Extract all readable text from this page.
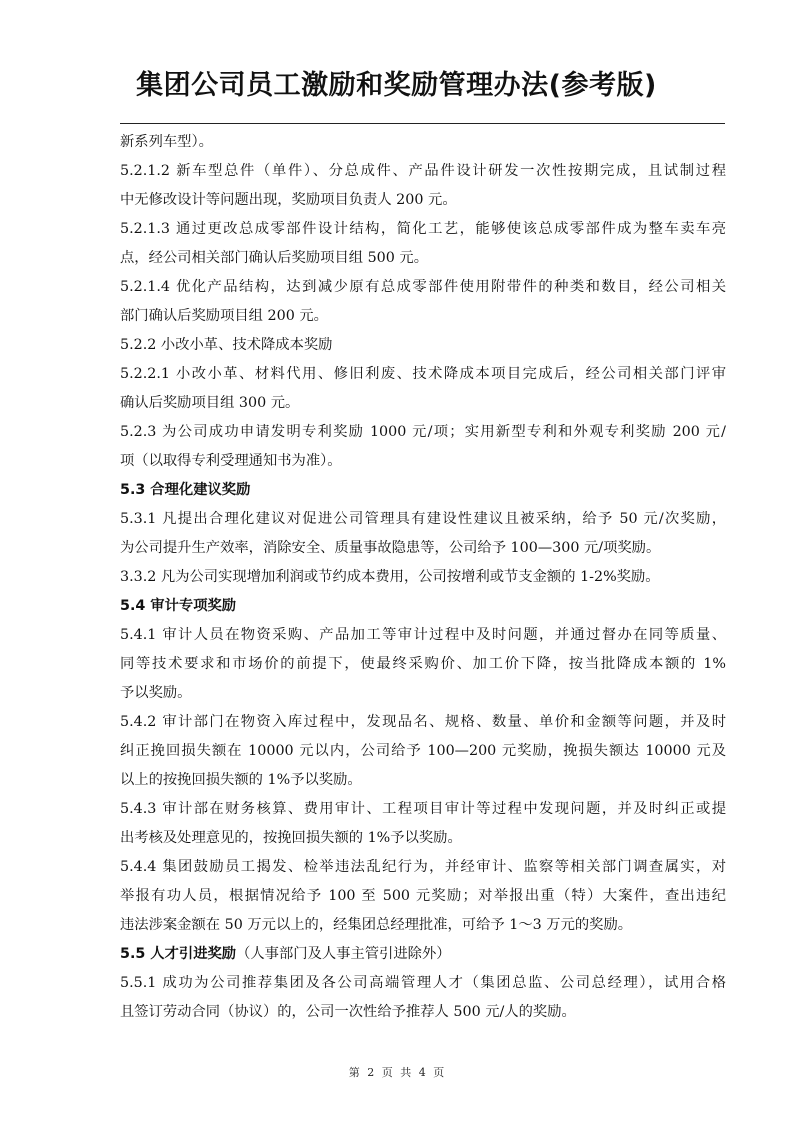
集团公司员工激励和奖励管理办法(参考版)
新系列车型）。
5.2.1.2 新车型总件（单件）、分总成件、产品件设计研发一次性按期完成，且试制过程
中无修改设计等问题出现，奖励项目负责人 200 元。
5.2.1.3 通过更改总成零部件设计结构，简化工艺，能够使该总成零部件成为整车卖车亮
点，经公司相关部门确认后奖励项目组 500 元。
5.2.1.4 优化产品结构，达到减少原有总成零部件使用附带件的种类和数目，经公司相关
部门确认后奖励项目组 200 元。
5.2.2 小改小革、技术降成本奖励
5.2.2.1 小改小革、材料代用、修旧利废、技术降成本项目完成后，经公司相关部门评审
确认后奖励项目组 300 元。
5.2.3 为公司成功申请发明专利奖励 1000 元/项；实用新型专利和外观专利奖励 200 元/
项（以取得专利受理通知书为准）。
5.3 合理化建议奖励
5.3.1 凡提出合理化建议对促进公司管理具有建设性建议且被采纳，给予 50 元/次奖励，
为公司提升生产效率，消除安全、质量事故隐患等，公司给予 100—300 元/项奖励。
3.3.2 凡为公司实现增加利润或节约成本费用，公司按增利或节支金额的 1-2%奖励。
5.4 审计专项奖励
5.4.1 审计人员在物资采购、产品加工等审计过程中及时问题，并通过督办在同等质量、
同等技术要求和市场价的前提下，使最终采购价、加工价下降，按当批降成本额的 1%
予以奖励。
5.4.2 审计部门在物资入库过程中，发现品名、规格、数量、单价和金额等问题，并及时
纠正挽回损失额在 10000 元以内，公司给予 100—200 元奖励，挽损失额达 10000 元及
以上的按挽回损失额的 1%予以奖励。
5.4.3 审计部在财务核算、费用审计、工程项目审计等过程中发现问题，并及时纠正或提
出考核及处理意见的，按挽回损失额的 1%予以奖励。
5.4.4 集团鼓励员工揭发、检举违法乱纪行为，并经审计、监察等相关部门调查属实，对
举报有功人员，根据情况给予 100 至 500 元奖励；对举报出重（特）大案件，查出违纪
违法涉案金额在 50 万元以上的，经集团总经理批准，可给予 1～3 万元的奖励。
5.5 人才引进奖励（人事部门及人事主管引进除外）
5.5.1 成功为公司推荐集团及各公司高端管理人才（集团总监、公司总经理），试用合格
且签订劳动合同（协议）的，公司一次性给予推荐人 500 元/人的奖励。
第 2 页 共 4 页
